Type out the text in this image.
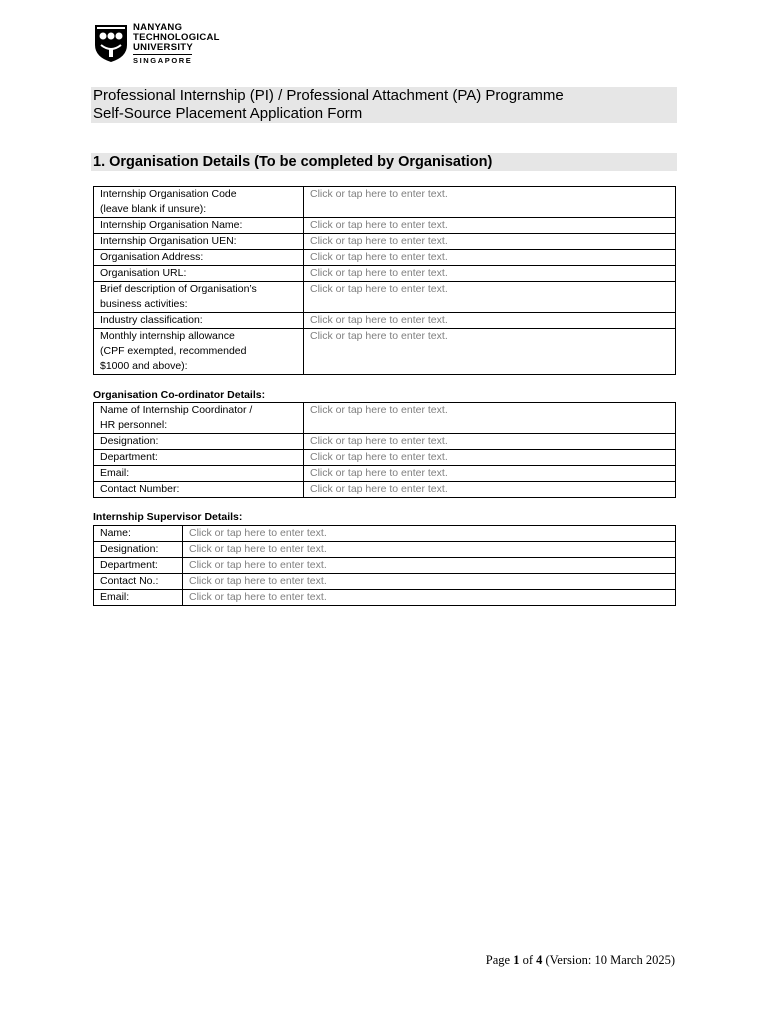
NANYANG
TECHNOLOGICAL
UNIVERSITY
SINGAPORE
Professional Internship (PI) / Professional Attachment (PA) Programme
Self-Source Placement Application Form
1. Organisation Details (To be completed by Organisation)
Internship Organisation Code
(leave blank if unsure):	Click or tap here to enter text.
Internship Organisation Name:	Click or tap here to enter text.
Internship Organisation UEN:	Click or tap here to enter text.
Organisation Address:	Click or tap here to enter text.
Organisation URL:	Click or tap here to enter text.
Brief description of Organisation’s
business activities:	Click or tap here to enter text.
Industry classification:	Click or tap here to enter text.
Monthly internship allowance
(CPF exempted, recommended
$1000 and above):	Click or tap here to enter text.
Organisation Co-ordinator Details:
Name of Internship Coordinator /
HR personnel:	Click or tap here to enter text.
Designation:	Click or tap here to enter text.
Department:	Click or tap here to enter text.
Email:	Click or tap here to enter text.
Contact Number:	Click or tap here to enter text.
Internship Supervisor Details:
Name:	Click or tap here to enter text.
Designation:	Click or tap here to enter text.
Department:	Click or tap here to enter text.
Contact No.:	Click or tap here to enter text.
Email:	Click or tap here to enter text.
Page 1 of 4 (Version: 10 March 2025)
